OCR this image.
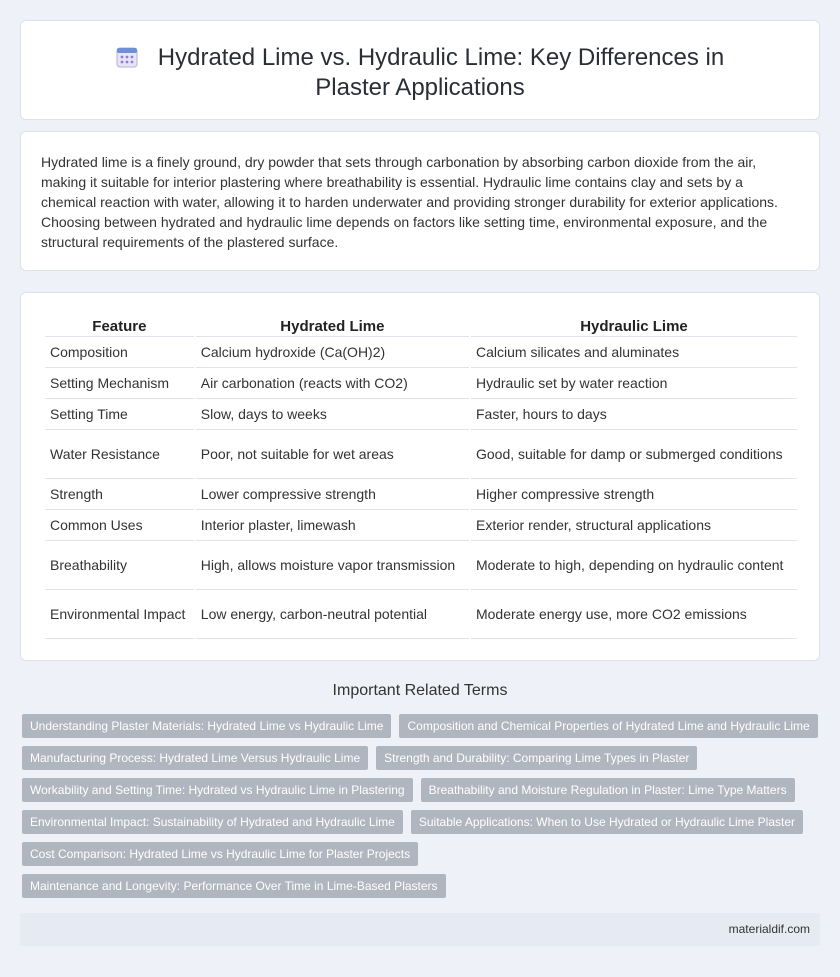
Hydrated Lime vs. Hydraulic Lime: Key Differences in Plaster Applications

Hydrated lime is a finely ground, dry powder that sets through carbonation by absorbing carbon dioxide from the air, making it suitable for interior plastering where breathability is essential. Hydraulic lime contains clay and sets by a chemical reaction with water, allowing it to harden underwater and providing stronger durability for exterior applications. Choosing between hydrated and hydraulic lime depends on factors like setting time, environmental exposure, and the structural requirements of the plastered surface.

Feature	Hydrated Lime	Hydraulic Lime
Composition	Calcium hydroxide (Ca(OH)2)	Calcium silicates and aluminates
Setting Mechanism	Air carbonation (reacts with CO2)	Hydraulic set by water reaction
Setting Time	Slow, days to weeks	Faster, hours to days
Water Resistance	Poor, not suitable for wet areas	Good, suitable for damp or submerged conditions
Strength	Lower compressive strength	Higher compressive strength
Common Uses	Interior plaster, limewash	Exterior render, structural applications
Breathability	High, allows moisture vapor transmission	Moderate to high, depending on hydraulic content
Environmental Impact	Low energy, carbon-neutral potential	Moderate energy use, more CO2 emissions
Important Related Terms
Understanding Plaster Materials: Hydrated Lime vs Hydraulic Lime	Composition and Chemical Properties of Hydrated Lime and Hydraulic Lime
Manufacturing Process: Hydrated Lime Versus Hydraulic Lime	Strength and Durability: Comparing Lime Types in Plaster
Workability and Setting Time: Hydrated vs Hydraulic Lime in Plastering	Breathability and Moisture Regulation in Plaster: Lime Type Matters
Environmental Impact: Sustainability of Hydrated and Hydraulic Lime	Suitable Applications: When to Use Hydrated or Hydraulic Lime Plaster
Cost Comparison: Hydrated Lime vs Hydraulic Lime for Plaster Projects
Maintenance and Longevity: Performance Over Time in Lime-Based Plasters
materialdif.com
